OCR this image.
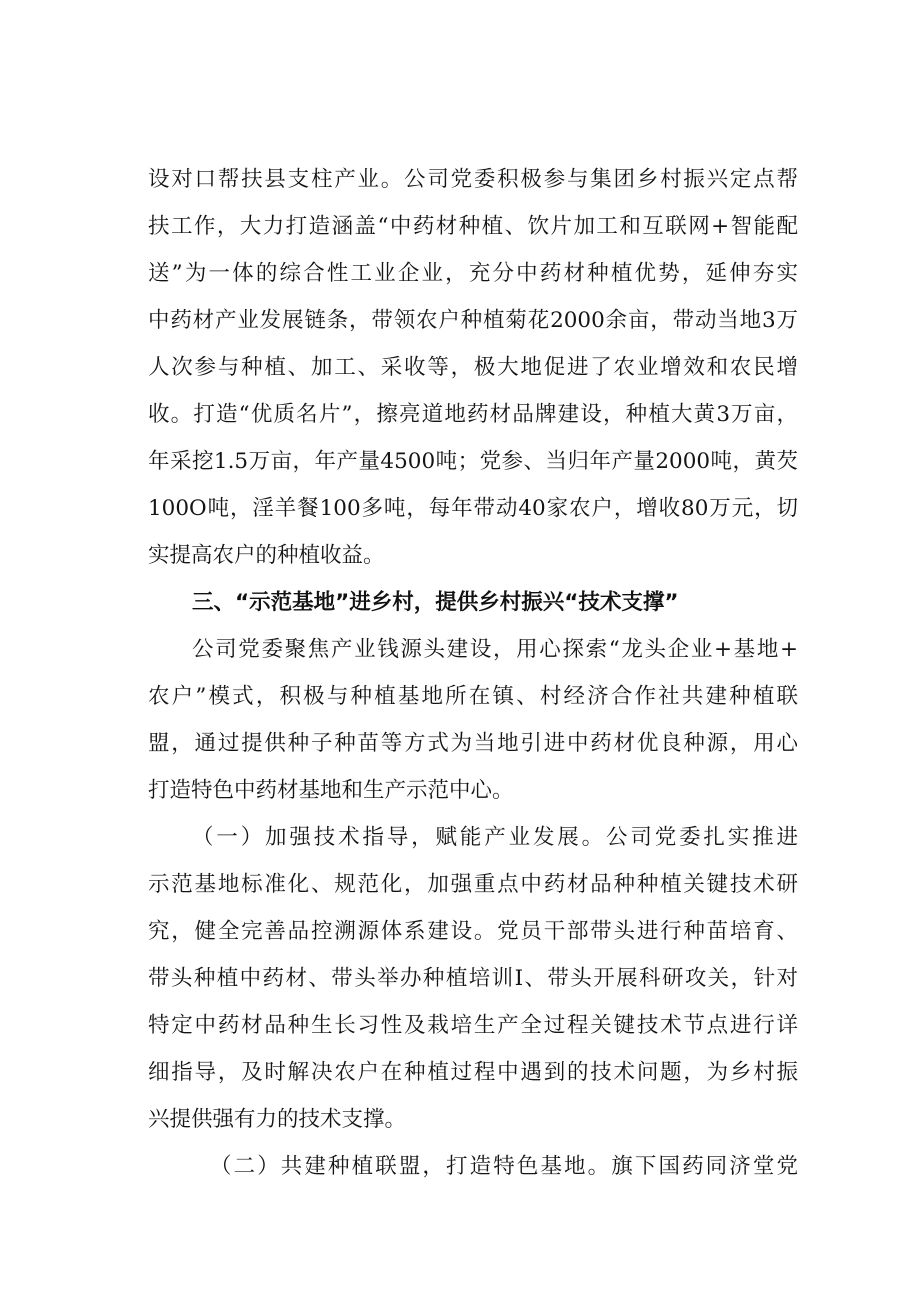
设对口帮扶县支柱产业。公司党委积极参与集团乡村振兴定点帮

扶工作，大力打造涵盖“中药材种植、饮片加工和互联网+智能配

送”为一体的综合性工业企业，充分中药材种植优势，延伸夯实

中药材产业发展链条，带领农户种植菊花2000余亩，带动当地3万

人次参与种植、加工、采收等，极大地促进了农业增效和农民增

收。打造“优质名片”，擦亮道地药材品牌建设，种植大黄3万亩，

年采挖1.5万亩，年产量4500吨；党参、当归年产量2000吨，黄芡

100O吨，淫羊餐100多吨，每年带动40家农户，增收80万元，切

实提高农户的种植收益。

三、“示范基地”进乡村，提供乡村振兴“技术支撑”

公司党委聚焦产业钱源头建设，用心探索“龙头企业+基地+

农户”模式，积极与种植基地所在镇、村经济合作社共建种植联

盟，通过提供种子种苗等方式为当地引进中药材优良种源，用心

打造特色中药材基地和生产示范中心。

（一）加强技术指导，赋能产业发展。公司党委扎实推进

示范基地标准化、规范化，加强重点中药材品种种植关键技术研

究，健全完善品控溯源体系建设。党员干部带头进行种苗培育、

带头种植中药材、带头举办种植培训I、带头开展科研攻关，针对

特定中药材品种生长习性及栽培生产全过程关键技术节点进行详

细指导，及时解决农户在种植过程中遇到的技术问题，为乡村振

兴提供强有力的技术支撑。

（二）共建种植联盟，打造特色基地。旗下国药同济堂党
